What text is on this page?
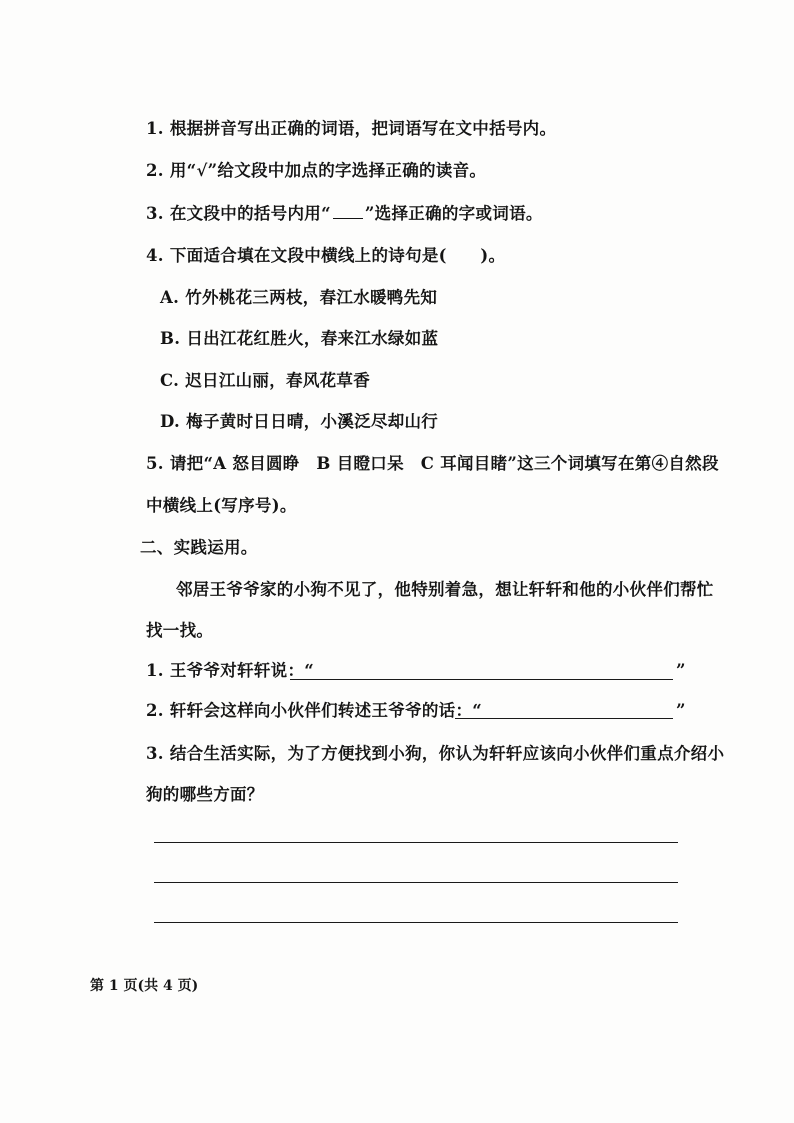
1. 根据拼音写出正确的词语，把词语写在文中括号内。
2. 用“√”给文段中加点的字选择正确的读音。
3. 在文段中的括号内用“ ”选择正确的字或词语。
4. 下面适合填在文段中横线上的诗句是(　　)。
A. 竹外桃花三两枝，春江水暖鸭先知
B. 日出江花红胜火，春来江水绿如蓝
C. 迟日江山丽，春风花草香
D. 梅子黄时日日晴，小溪泛尽却山行
5. 请把“A 怒目圆睁　B 目瞪口呆　C 耳闻目睹”这三个词填写在第④自然段
中横线上(写序号)。
二、实践运用。
邻居王爷爷家的小狗不见了，他特别着急，想让轩轩和他的小伙伴们帮忙
找一找。
1. 王爷爷对轩轩说：“	”
2. 轩轩会这样向小伙伴们转述王爷爷的话：“	”
3. 结合生活实际，为了方便找到小狗，你认为轩轩应该向小伙伴们重点介绍小
狗的哪些方面？
第 1 页(共 4 页)
